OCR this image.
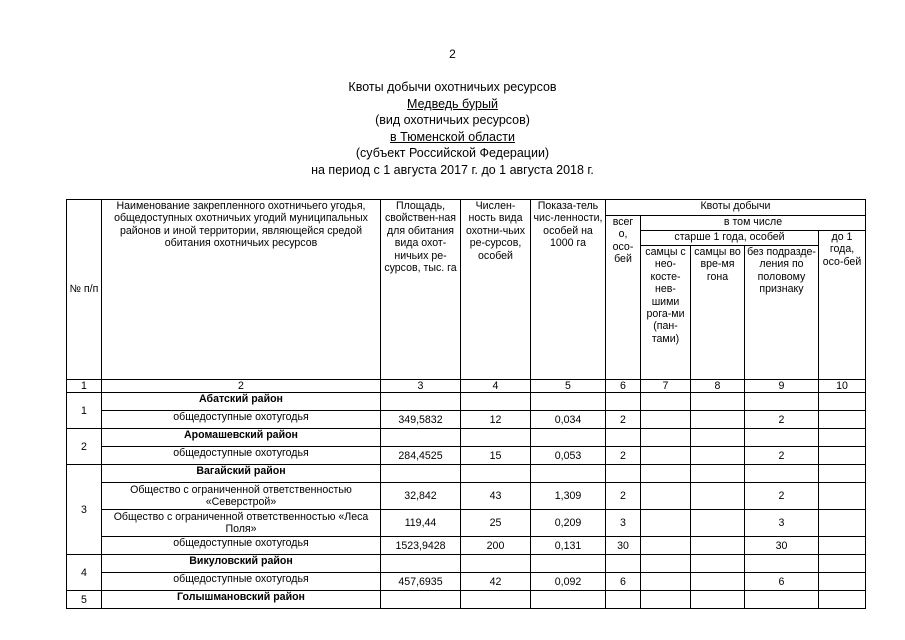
2
Квоты добычи охотничьих ресурсов
Медведь бурый
(вид охотничьих ресурсов)
в Тюменской области
(субъект Российской Федерации)
на период с 1 августа 2017 г. до 1 августа 2018 г.
№ п/п	Наименование закрепленного охотничьего угодья, общедоступных охотничьих угодий муниципальных районов и иной территории, являющейся средой обитания охотничьих ресурсов	Площадь, свойствен-ная для обитания вида охот-ничьих ре-сурсов, тыс. га	Числен-ность вида охотни-чьих ре-сурсов, особей	Показа-тель чис-ленности, особей на 1000 га	Квоты добычи				
					всег о, осо-бей	в том числе			
						старше 1 года, особей			до 1 года, осо-бей
						самцы с нео-косте-нев-шими рога-ми (пан-тами)	самцы во вре-мя гона	без подразде-ления по половому признаку	
1	2	3	4	5	6	7	8	9	10
1	Абатский район								
	общедоступные охотугодья	349,5832	12	0,034	2			2	
2	Аромашевский район								
	общедоступные охотугодья	284,4525	15	0,053	2			2	
3	Вагайский район								
	Общество с ограниченной ответственностью «Северстрой»	32,842	43	1,309	2			2	
	Общество с ограниченной ответственностью «Леса Поля»	119,44	25	0,209	3			3	
	общедоступные охотугодья	1523,9428	200	0,131	30			30	
4	Викуловский район								
	общедоступные охотугодья	457,6935	42	0,092	6			6	
5	Голышмановский район								
